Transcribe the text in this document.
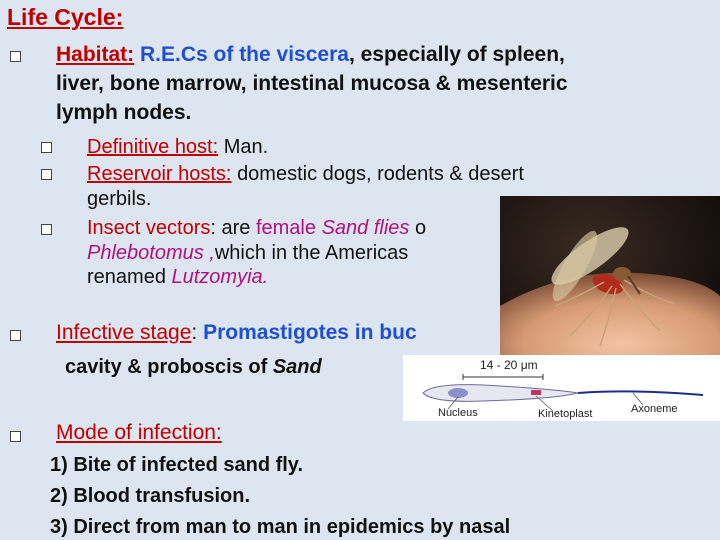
Life Cycle:
Habitat: R.E.Cs of the viscera, especially of spleen,
liver, bone marrow, intestinal mucosa & mesenteric
lymph nodes.
Definitive host: Man.
Reservoir hosts: domestic dogs, rodents & desert
gerbils.
Insect vectors: are female Sand flies o
Phlebotomus ,which in the Americas
renamed Lutzomyia.
Infective stage: Promastigotes in buc
cavity & proboscis of Sand	14 - 20 μm
Nucleus	Axoneme
Kinetoplast
Mode of infection:
1) Bite of infected sand fly.
2) Blood transfusion.
3) Direct from man to man in epidemics by nasal
